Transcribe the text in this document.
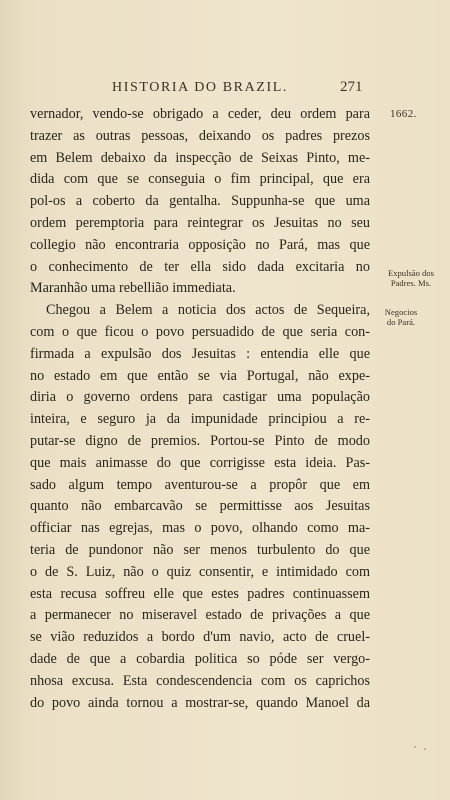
HISTORIA DO BRAZIL.	271
1662.
Expulsão dos
Padres. Ms.
Negocios
do Pará.
vernador, vendo-se obrigado a ceder, deu ordem para
trazer as outras pessoas, deixando os padres prezos
em Belem debaixo da inspecção de Seixas Pinto, me-
dida com que se conseguia o fim principal, que era
pol-os a coberto da gentalha. Suppunha-se que uma
ordem peremptoria para reintegrar os Jesuitas no seu
collegio não encontraria opposição no Pará, mas que
o conhecimento de ter ella sido dada excitaria no
Maranhão uma rebellião immediata.
Chegou a Belem a noticia dos actos de Sequeira,
com o que ficou o povo persuadido de que seria con-
firmada a expulsão dos Jesuitas : entendia elle que
no estado em que então se via Portugal, não expe-
diria o governo ordens para castigar uma população
inteira, e seguro ja da impunidade principiou a re-
putar-se digno de premios. Portou-se Pinto de modo
que mais animasse do que corrigisse esta ideia. Pas-
sado algum tempo aventurou-se a propôr que em
quanto não embarcavão se permittisse aos Jesuitas
officiar nas egrejas, mas o povo, olhando como ma-
teria de pundonor não ser menos turbulento do que
o de S. Luiz, não o quiz consentir, e intimidado com
esta recusa soffreu elle que estes padres continuassem
a permanecer no miseravel estado de privações a que
se vião reduzidos a bordo d'um navio, acto de cruel-
dade de que a cobardia politica so póde ser vergo-
nhosa excusa. Esta condescendencia com os caprichos
do povo ainda tornou a mostrar-se, quando Manoel da
